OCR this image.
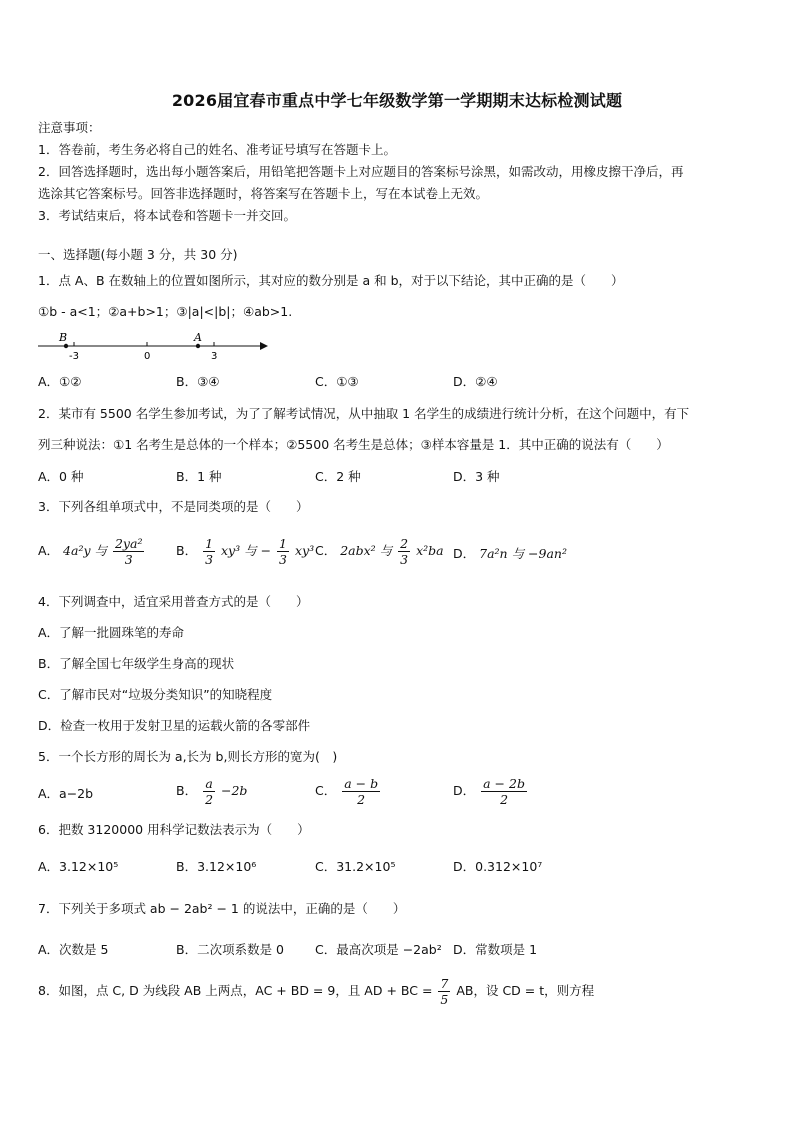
2026届宜春市重点中学七年级数学第一学期期末达标检测试题
注意事项：
1．答卷前，考生务必将自己的姓名、准考证号填写在答题卡上。
2．回答选择题时，选出每小题答案后，用铅笔把答题卡上对应题目的答案标号涂黑，如需改动，用橡皮擦干净后，再
选涂其它答案标号。回答非选择题时，将答案写在答题卡上，写在本试卷上无效。
3．考试结束后，将本试卷和答题卡一并交回。
一、选择题(每小题 3 分，共 30 分)
1．点 A、B 在数轴上的位置如图所示，其对应的数分别是 a 和 b，对于以下结论，其中正确的是（　　）
①b - a<1；②a+b>1；③|a|<|b|；④ab>1.
B	A
-3	0	3
A．①②	B．③④	C．①③	D．②④
2．某市有 5500 名学生参加考试，为了了解考试情况，从中抽取 1 名学生的成绩进行统计分析，在这个问题中，有下
列三种说法：①1 名考生是总体的一个样本；②5500 名考生是总体；③样本容量是 1．其中正确的说法有（　　）
A．0 种	B．1 种	C．2 种	D．3 种
3．下列各组单项式中，不是同类项的是（　　）
A． 4a²y 与 $\frac{\text{2ya²}}{3}$	B． $\frac{1}{3} xy^3$ 与 − $\frac{1}{3} xy^3$ C． 2abx² 与 $\frac{2}{3} x^2ba$ D． 7a²n 与 −9an²
4．下列调查中，适宜采用普查方式的是（　　）
A．了解一批圆珠笔的寿命
B．了解全国七年级学生身高的现状
C．了解市民对“垃圾分类知识”的知晓程度
D．检查一枚用于发射卫星的运载火箭的各零部件
5．一个长方形的周长为 a,长为 b,则长方形的宽为(　)
A．a−2b	B． $\frac{a}{2} -2b$	C． $\frac{a - b}{2}$	D． $\frac{a - 2b}{2}$
6．把数 3120000 用科学记数法表示为（　　）
A．3.12×10⁵	B．3.12×10⁶	C．31.2×10⁵	D．0.312×10⁷
7．下列关于多项式 ab − 2ab² − 1 的说法中，正确的是（　　）
A．次数是 5	B．二次项系数是 0 C．最高次项是 −2ab² D．常数项是 1
8．如图，点 C, D 为线段 AB 上两点，AC + BD = 9，且 AD + BC = $\frac{7}{5}$ AB，设 CD = t，则方程
